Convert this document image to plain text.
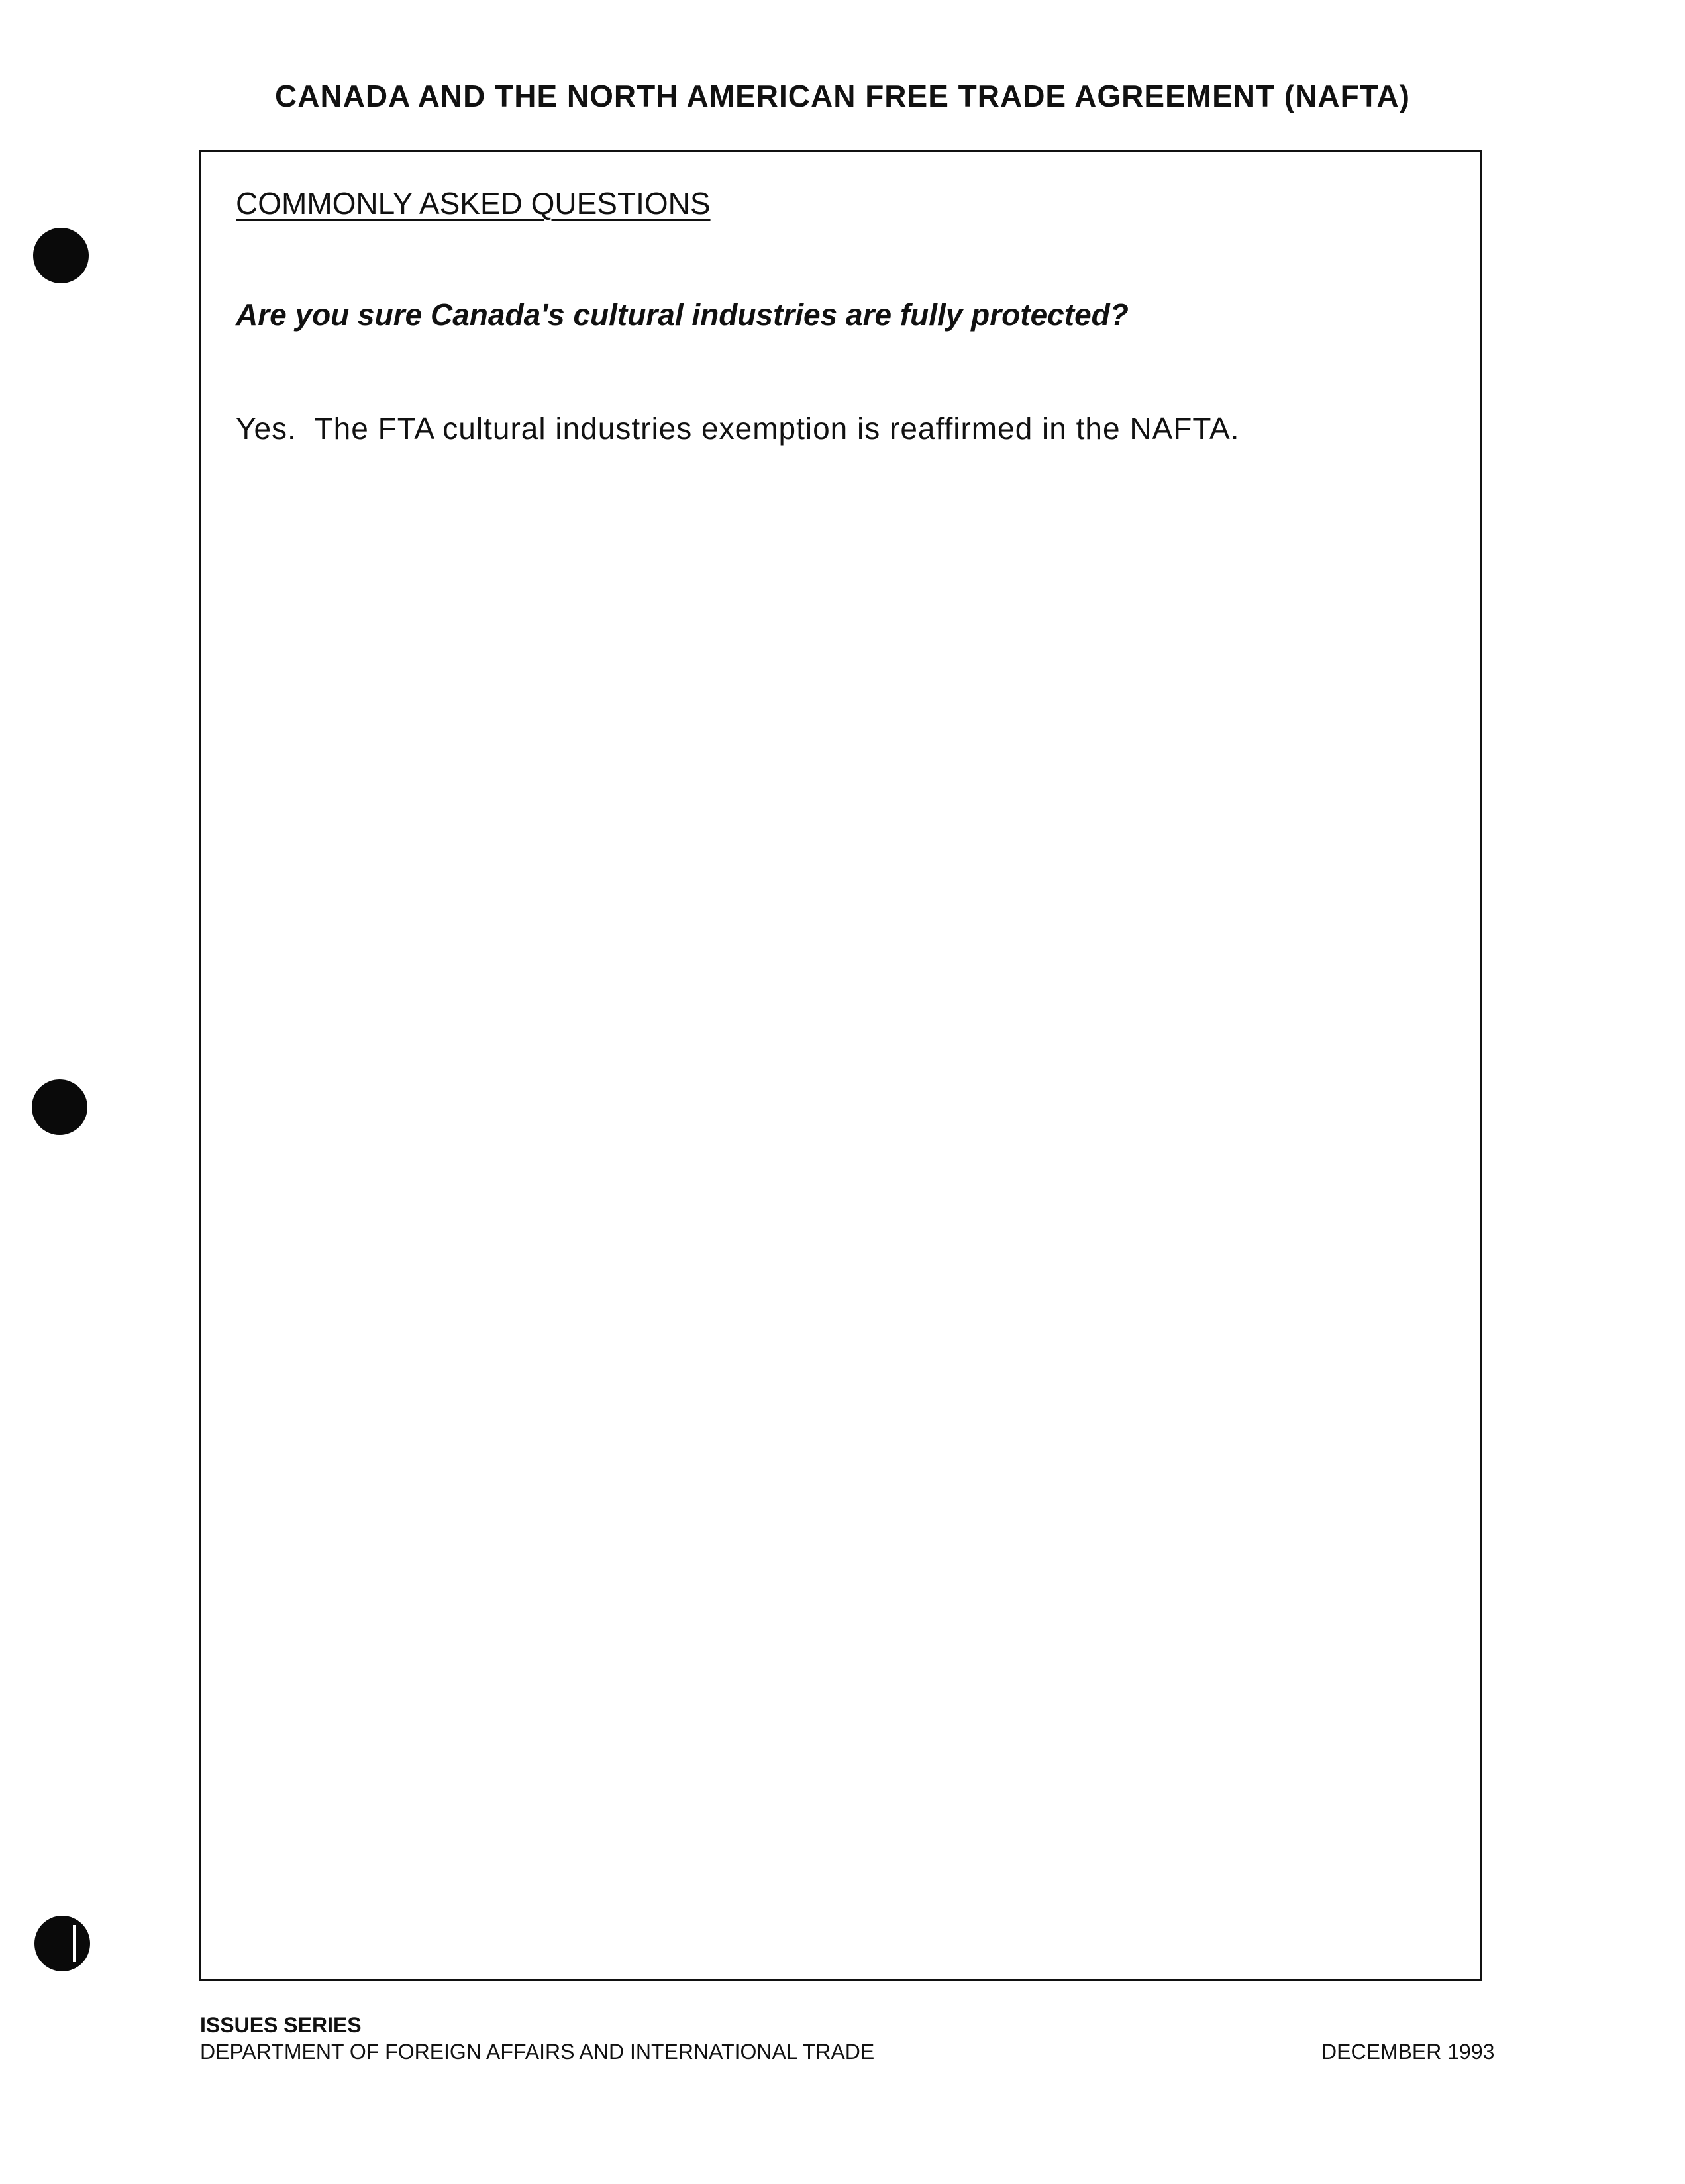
CANADA AND THE NORTH AMERICAN FREE TRADE AGREEMENT (NAFTA)
COMMONLY ASKED QUESTIONS
Are you sure Canada's cultural industries are fully protected?
Yes.  The FTA cultural industries exemption is reaffirmed in the NAFTA.
ISSUES SERIES
DEPARTMENT OF FOREIGN AFFAIRS AND INTERNATIONAL TRADE	DECEMBER 1993
